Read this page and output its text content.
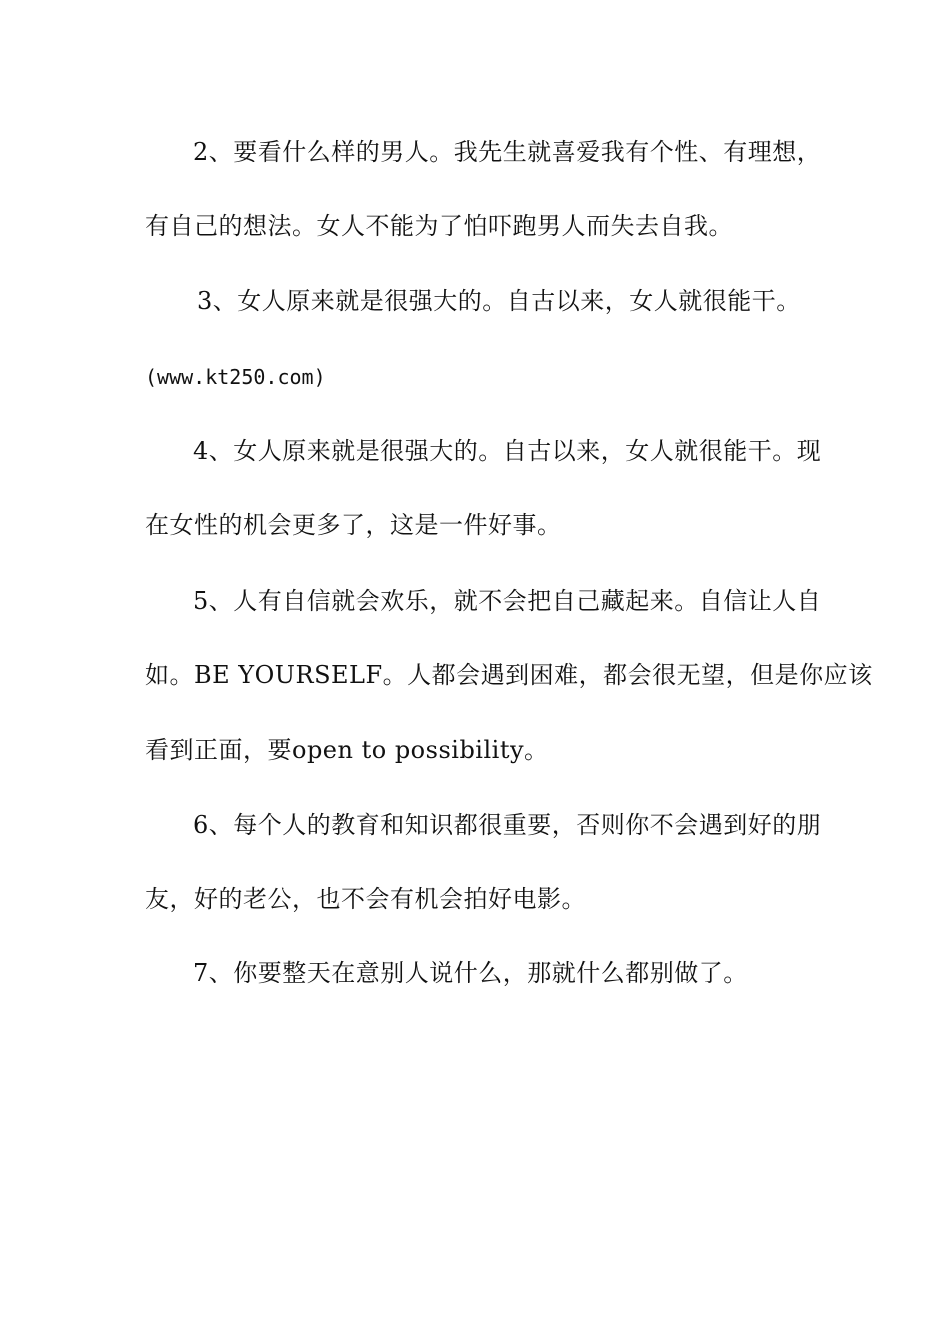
2、要看什么样的男人。我先生就喜爱我有个性、有理想，
有自己的想法。女人不能为了怕吓跑男人而失去自我。
3、女人原来就是很强大的。自古以来，女人就很能干。
(www.kt250.com)
4、女人原来就是很强大的。自古以来，女人就很能干。现
在女性的机会更多了，这是一件好事。
5、人有自信就会欢乐，就不会把自己藏起来。自信让人自
如。BE YOURSELF。人都会遇到困难，都会很无望，但是你应该
看到正面，要open to possibility。
6、每个人的教育和知识都很重要，否则你不会遇到好的朋
友，好的老公，也不会有机会拍好电影。
7、你要整天在意别人说什么，那就什么都别做了。
